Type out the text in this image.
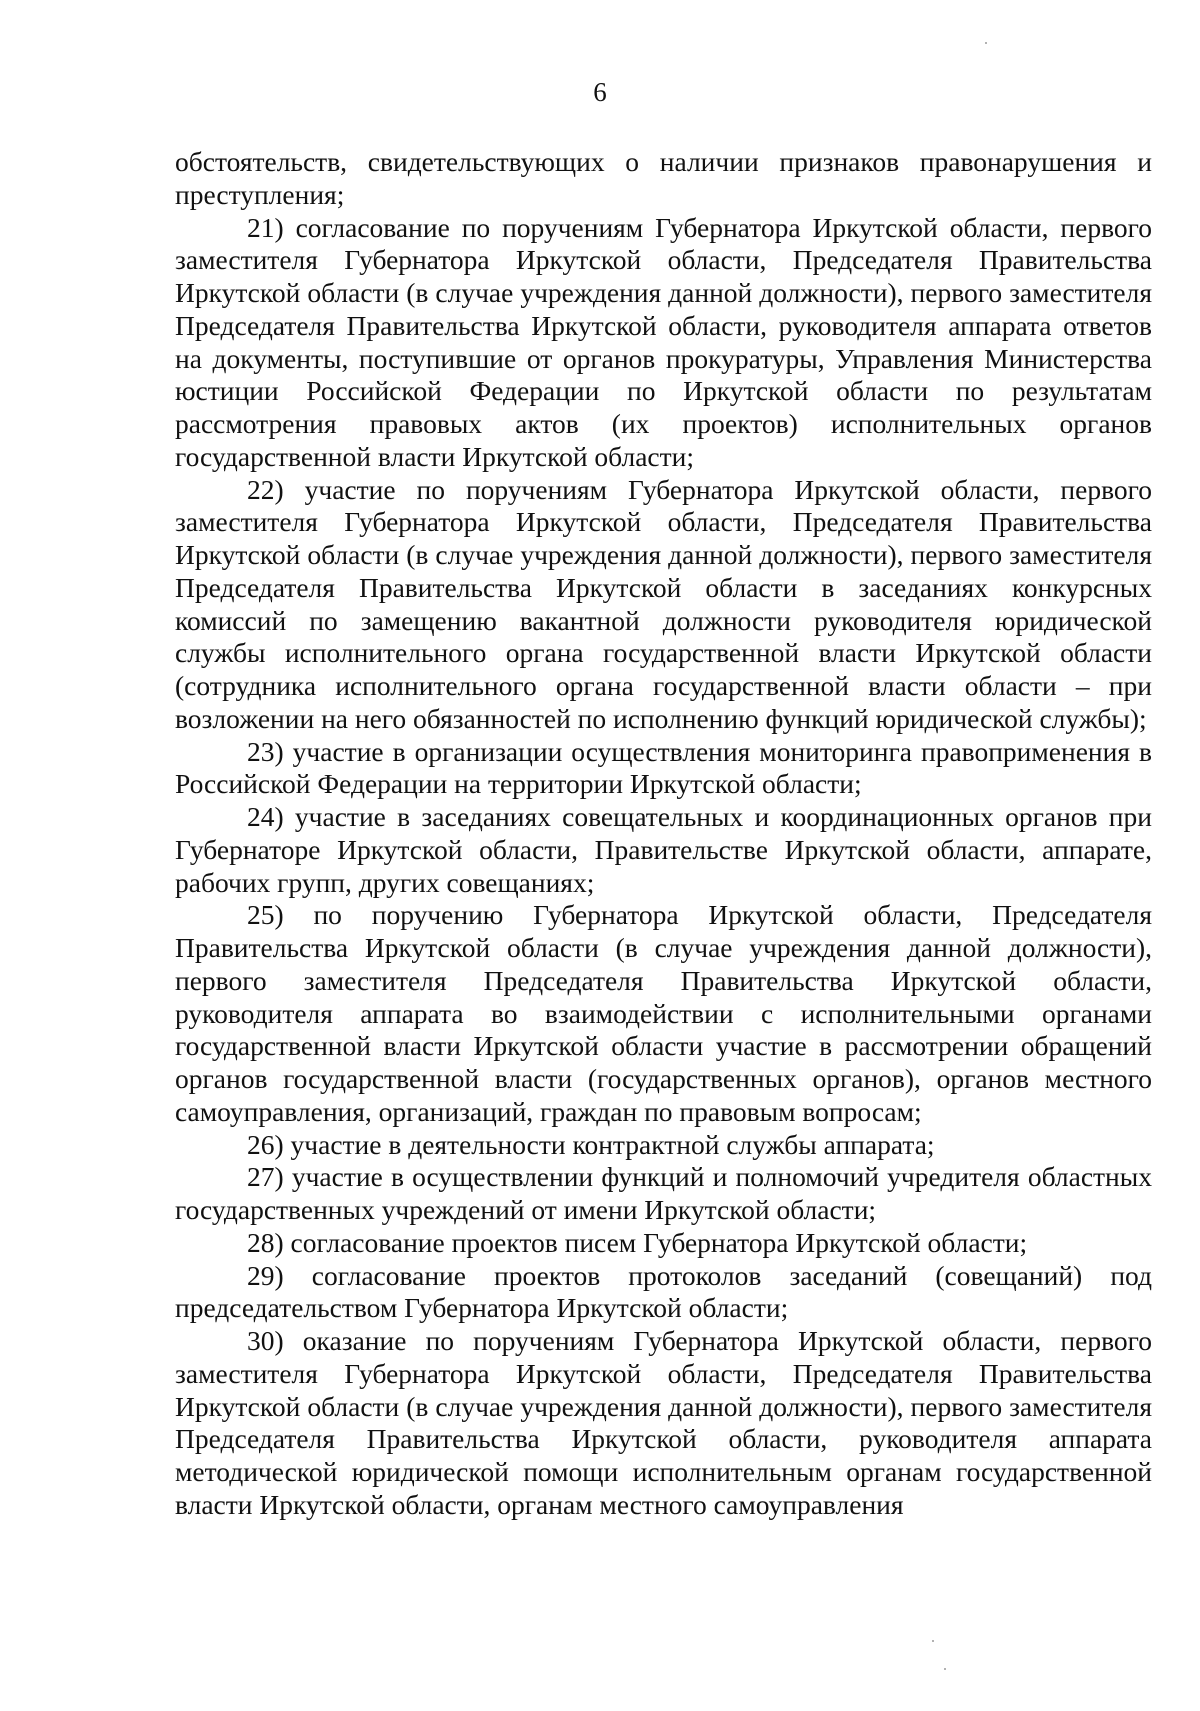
6

обстоятельств, свидетельствующих о наличии признаков правонарушения и преступления;

21) согласование по поручениям Губернатора Иркутской области, первого заместителя Губернатора Иркутской области, Председателя Правительства Иркутской области (в случае учреждения данной должности), первого заместителя Председателя Правительства Иркутской области, руководителя аппарата ответов на документы, поступившие от органов прокуратуры, Управления Министерства юстиции Российской Федерации по Иркутской области по результатам рассмотрения правовых актов (их проектов) исполнительных органов государственной власти Иркутской области;

22) участие по поручениям Губернатора Иркутской области, первого заместителя Губернатора Иркутской области, Председателя Правительства Иркутской области (в случае учреждения данной должности), первого заместителя Председателя Правительства Иркутской области в заседаниях конкурсных комиссий по замещению вакантной должности руководителя юридической службы исполнительного органа государственной власти Иркутской области (сотрудника исполнительного органа государственной власти области – при возложении на него обязанностей по исполнению функций юридической службы);

23) участие в организации осуществления мониторинга правоприменения в Российской Федерации на территории Иркутской области;

24) участие в заседаниях совещательных и координационных органов при Губернаторе Иркутской области, Правительстве Иркутской области, аппарате, рабочих групп, других совещаниях;

25) по поручению Губернатора Иркутской области, Председателя Правительства Иркутской области (в случае учреждения данной должности), первого заместителя Председателя Правительства Иркутской области, руководителя аппарата во взаимодействии с исполнительными органами государственной власти Иркутской области участие в рассмотрении обращений органов государственной власти (государственных органов), органов местного самоуправления, организаций, граждан по правовым вопросам;

26) участие в деятельности контрактной службы аппарата;

27) участие в осуществлении функций и полномочий учредителя областных государственных учреждений от имени Иркутской области;

28) согласование проектов писем Губернатора Иркутской области;

29) согласование проектов протоколов заседаний (совещаний) под председательством Губернатора Иркутской области;

30) оказание по поручениям Губернатора Иркутской области, первого заместителя Губернатора Иркутской области, Председателя Правительства Иркутской области (в случае учреждения данной должности), первого заместителя Председателя Правительства Иркутской области, руководителя аппарата методической юридической помощи исполнительным органам государственной власти Иркутской области, органам местного самоуправления
